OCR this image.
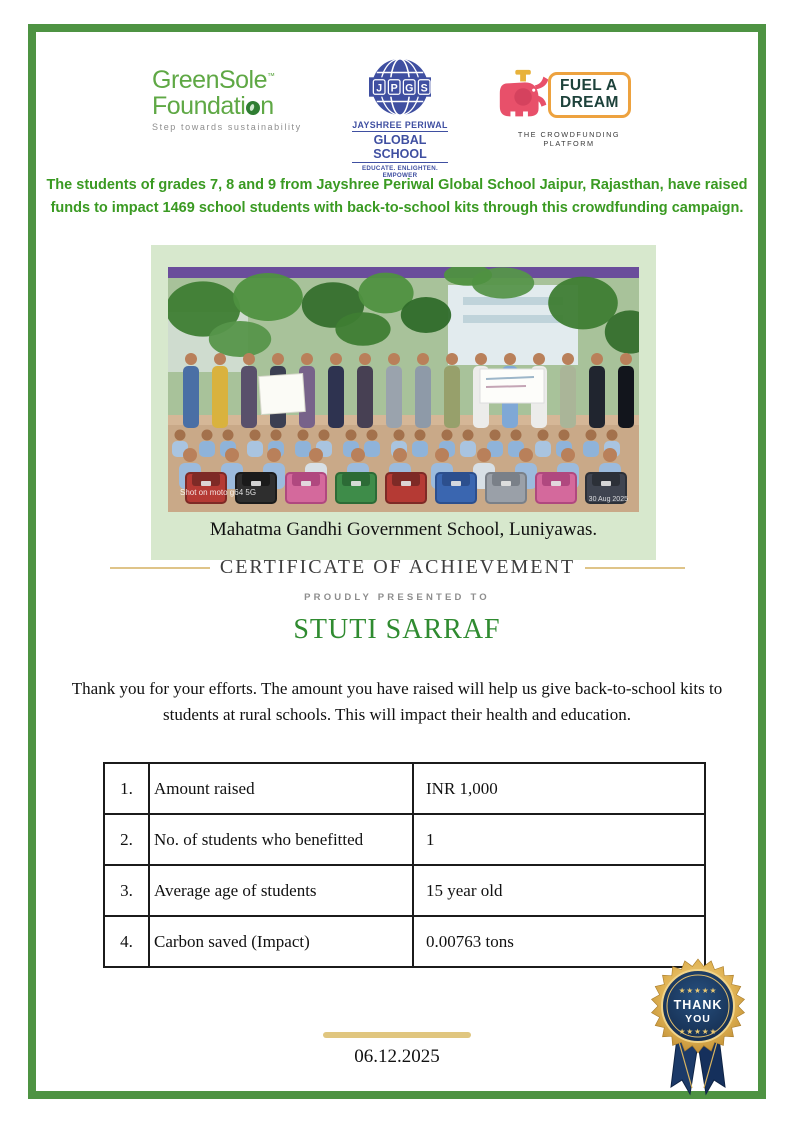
GreenSole™
Foundati n
Step towards sustainability
J P G S
JAYSHREE PERIWAL
GLOBAL SCHOOL
EDUCATE. ENLIGHTEN. EMPOWER
FUEL A
DREAM
THE CROWDFUNDING PLATFORM
The students of grades 7, 8 and 9 from Jayshree Periwal Global School Jaipur, Rajasthan, have raised
funds to impact 1469 school students with back-to-school kits through this crowdfunding campaign.
Shot on moto g64 5G
30 Aug 2025
Mahatma Gandhi Government School, Luniyawas.
CERTIFICATE OF ACHIEVEMENT
PROUDLY PRESENTED TO
STUTI SARRAF
Thank you for your efforts. The amount you have raised will help us give back-to-school kits to
students at rural schools. This will impact their health and education.
1.	Amount raised	INR 1,000
2.	No. of students who benefitted	1
3.	Average age of students	15 year old
4.	Carbon saved (Impact)	0.00763 tons
06.12.2025
★★★★★
THANK
YOU
★★★★★
